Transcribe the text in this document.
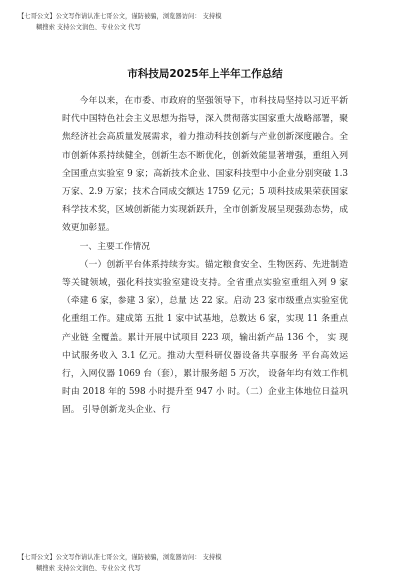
【七哥公文】公文写作请认准七哥公文，谨防被骗，浏览器访问： 支持模
糊搜索 支持公文润色、专业公文 代写
市科技局2025年上半年工作总结

今年以来，在市委、市政府的坚强领导下，市科技局坚持以习近平新时代中国特色社会主义思想为指导，深入贯彻落实国家重大战略部署，聚焦经济社会高质量发展需求，着力推动科技创新与产业创新深度融合。全市创新体系持续健全，创新生态不断优化，创新效能显著增强，重组入列全国重点实验室 9 家；高新技术企业、国家科技型中小企业分别突破 1.3 万家、2.9 万家；技术合同成交额达 1759 亿元；5 项科技成果荣获国家科学技术奖，区域创新能力实现新跃升，全市创新发展呈现强劲态势，成效更加彰显。

一、主要工作情况

（一）创新平台体系持续夯实。锚定粮食安全、生物医药、先进制造等关键领域，强化科技实验室建设支持。全省重点实验室重组入列 9 家（牵建 6 家，参建 3 家），总量 达 22 家。启动 23 家市级重点实验室优化重组工作。建成第 五批 1 家中试基地，总数达 6 家，实现 11 条重点产业链 全覆盖。累计开展中试项目 223 项，输出新产品 136 个， 实 现中试服务收入 3.1 亿元。推动大型科研仪器设备共享服务 平台高效运行，入网仪器 1069 台（套），累计服务超 5 万次， 设备年均有效工作机时由 2018 年的 598 小时提升至 947 小 时。（二）企业主体地位日益巩固。 引导创新龙头企业、行

【七哥公文】公文写作请认准七哥公文，谨防被骗，浏览器访问： 支持模
糊搜索 支持公文润色、专业公文 代写
